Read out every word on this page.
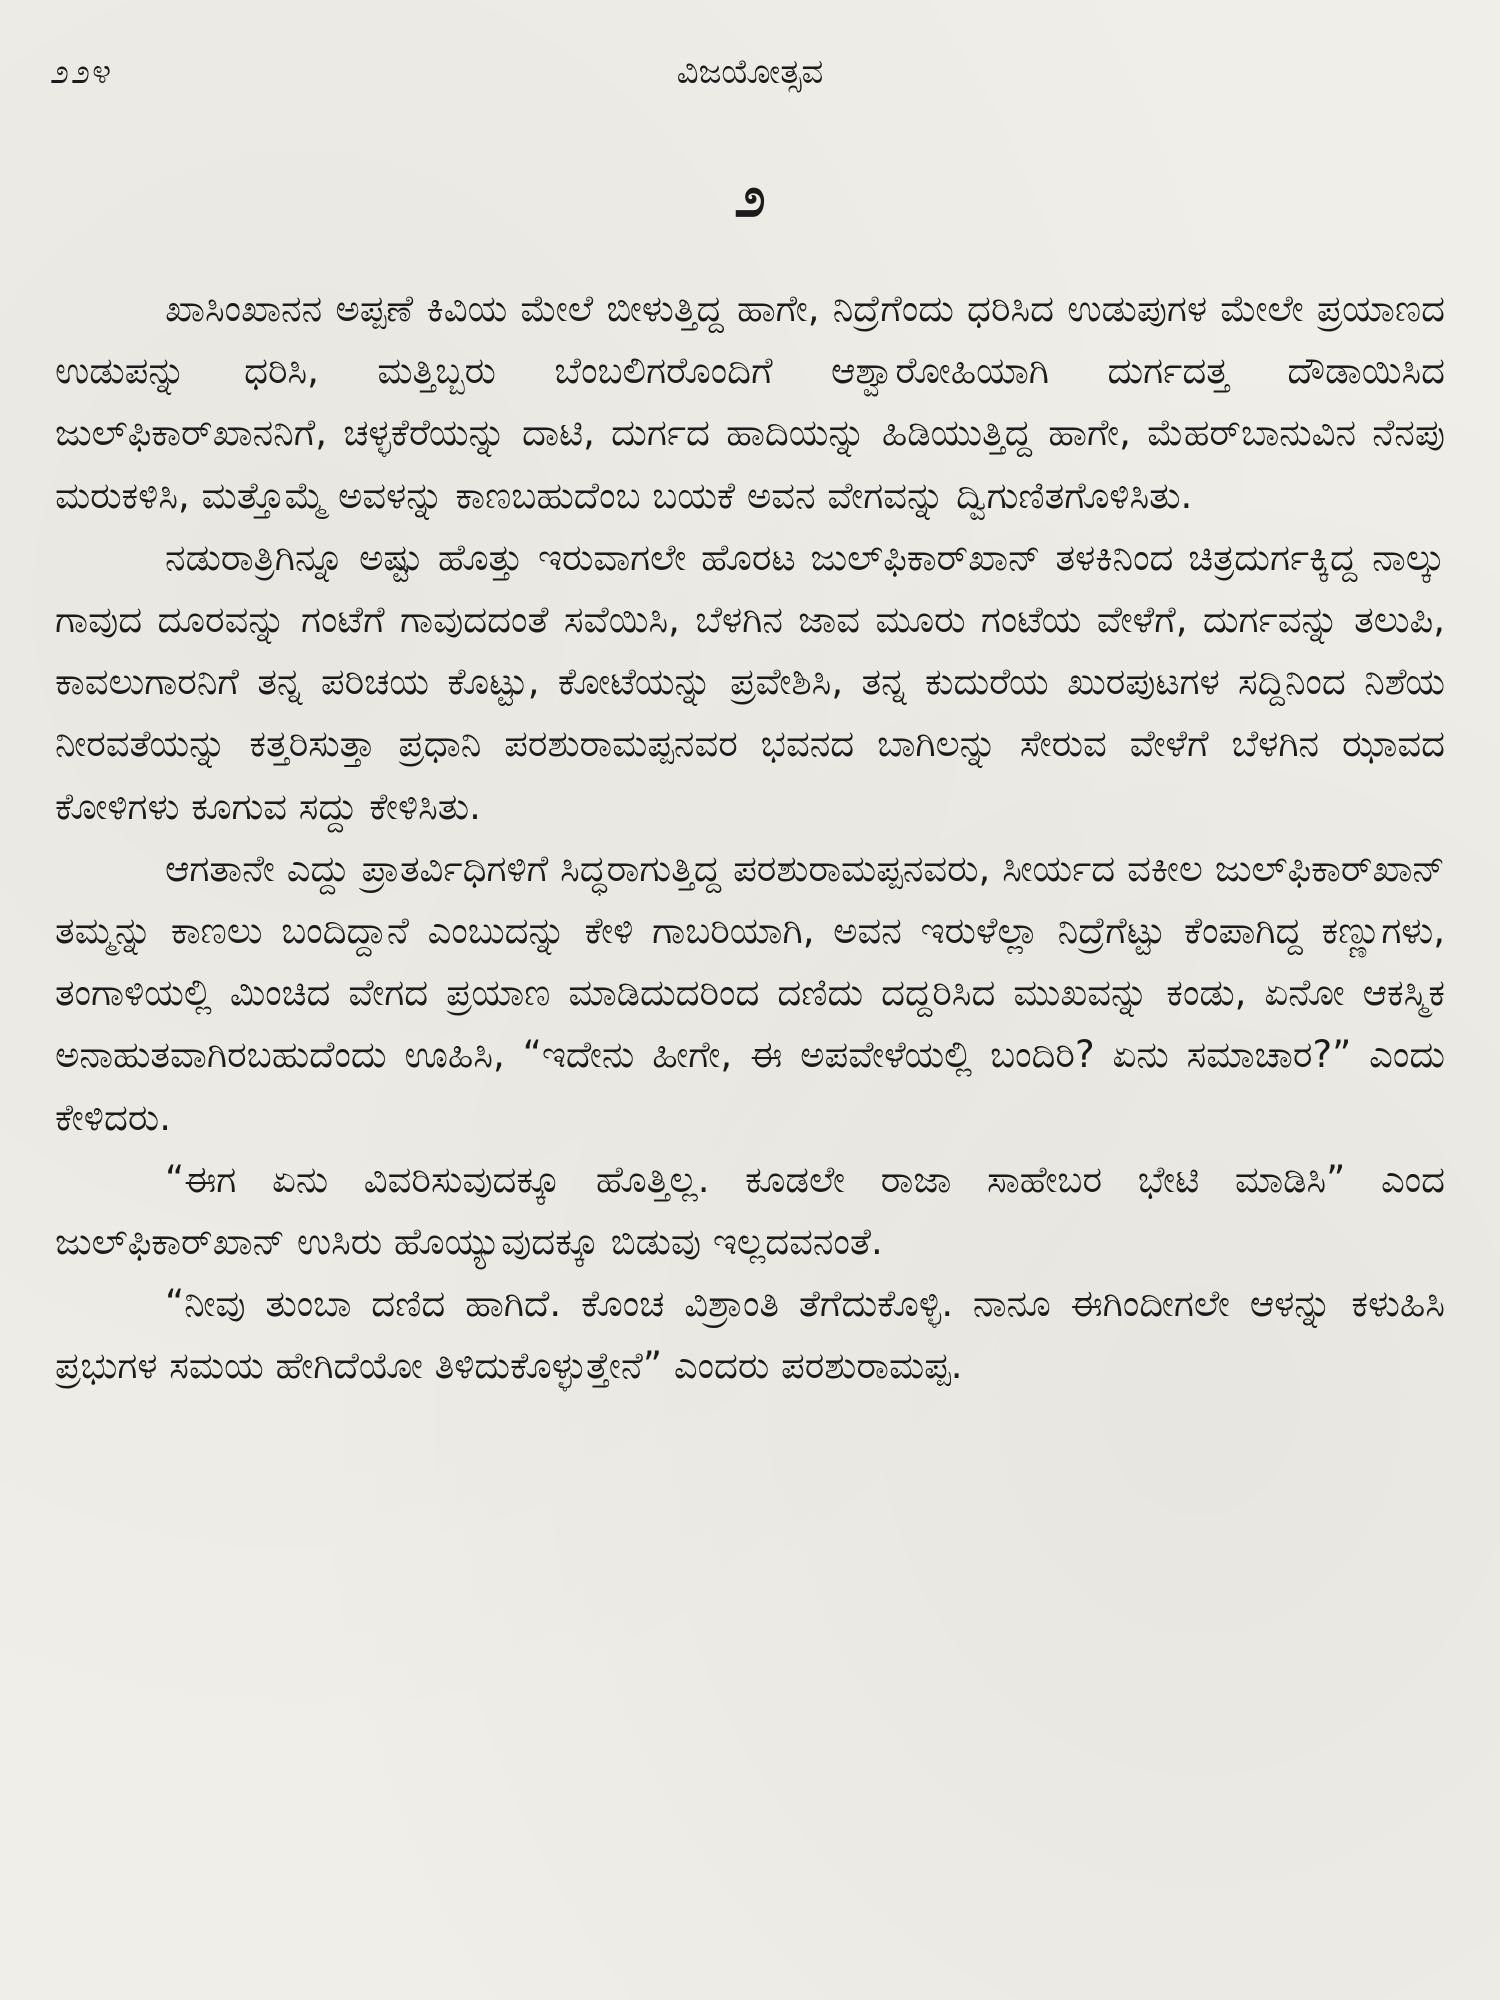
ವಿಜಯೋತ್ಸವ
೨೨೪
೨

ಖಾಸಿಂಖಾನನ ಅಪ್ಪಣೆ ಕಿವಿಯ ಮೇಲೆ ಬೀಳುತ್ತಿದ್ದ ಹಾಗೇ, ನಿದ್ರೆಗೆಂದು ಧರಿಸಿದ ಉಡುಪುಗಳ ಮೇಲೇ ಪ್ರಯಾಣದ ಉಡುಪನ್ನು ಧರಿಸಿ, ಮತ್ತಿಬ್ಬರು ಬೆಂಬಲಿಗರೊಂದಿಗೆ ಆಶ್ವಾರೋಹಿಯಾಗಿ ದುರ್ಗದತ್ತ ದೌಡಾಯಿಸಿದ ಜುಲ್‌ಫಿಕಾರ್‌ಖಾನನಿಗೆ, ಚಳ್ಳಕೆರೆಯನ್ನು ದಾಟಿ, ದುರ್ಗದ ಹಾದಿಯನ್ನು ಹಿಡಿಯುತ್ತಿದ್ದ ಹಾಗೇ, ಮೆಹರ್‌ಬಾನುವಿನ ನೆನಪು ಮರುಕಳಿಸಿ, ಮತ್ತೊಮ್ಮೆ ಅವಳನ್ನು ಕಾಣಬಹುದೆಂಬ ಬಯಕೆ ಅವನ ವೇಗವನ್ನು ದ್ವಿಗುಣಿತಗೊಳಿಸಿತು.

ನಡುರಾತ್ರಿಗಿನ್ನೂ ಅಷ್ಟು ಹೊತ್ತು ಇರುವಾಗಲೇ ಹೊರಟ ಜುಲ್‌ಫಿಕಾರ್‌ಖಾನ್ ತಳಕಿನಿಂದ ಚಿತ್ರದುರ್ಗಕ್ಕಿದ್ದ ನಾಲ್ಕು ಗಾವುದ ದೂರವನ್ನು ಗಂಟೆಗೆ ಗಾವುದದಂತೆ ಸವೆಯಿಸಿ, ಬೆಳಗಿನ ಜಾವ ಮೂರು ಗಂಟೆಯ ವೇಳೆಗೆ, ದುರ್ಗವನ್ನು ತಲುಪಿ, ಕಾವಲುಗಾರನಿಗೆ ತನ್ನ ಪರಿಚಯ ಕೊಟ್ಟು, ಕೋಟೆಯನ್ನು ಪ್ರವೇಶಿಸಿ, ತನ್ನ ಕುದುರೆಯ ಖುರಪುಟಗಳ ಸದ್ದಿನಿಂದ ನಿಶೆಯ ನೀರವತೆಯನ್ನು ಕತ್ತರಿಸುತ್ತಾ ಪ್ರಧಾನಿ ಪರಶುರಾಮಪ್ಪನವರ ಭವನದ ಬಾಗಿಲನ್ನು ಸೇರುವ ವೇಳೆಗೆ ಬೆಳಗಿನ ಝಾವದ ಕೋಳಿಗಳು ಕೂಗುವ ಸದ್ದು ಕೇಳಿಸಿತು.

ಆಗತಾನೇ ಎದ್ದು ಪ್ರಾತರ್ವಿಧಿಗಳಿಗೆ ಸಿದ್ಧರಾಗುತ್ತಿದ್ದ ಪರಶುರಾಮಪ್ಪನವರು, ಸೀರ್ಯದ ವಕೀಲ ಜುಲ್‌ಫಿಕಾರ್‌ಖಾನ್ ತಮ್ಮನ್ನು ಕಾಣಲು ಬಂದಿದ್ದಾನೆ ಎಂಬುದನ್ನು ಕೇಳಿ ಗಾಬರಿಯಾಗಿ, ಅವನ ಇರುಳೆಲ್ಲಾ ನಿದ್ರೆಗೆಟ್ಟು ಕೆಂಪಾಗಿದ್ದ ಕಣ್ಣುಗಳು, ತಂಗಾಳಿಯಲ್ಲಿ ಮಿಂಚಿದ ವೇಗದ ಪ್ರಯಾಣ ಮಾಡಿದುದರಿಂದ ದಣಿದು ದದ್ದರಿಸಿದ ಮುಖವನ್ನು ಕಂಡು, ಏನೋ ಆಕಸ್ಮಿಕ ಅನಾಹುತವಾಗಿರಬಹುದೆಂದು ಊಹಿಸಿ, “ಇದೇನು ಹೀಗೇ, ಈ ಅಪವೇಳೆಯಲ್ಲಿ ಬಂದಿರಿ? ಏನು ಸಮಾಚಾರ?” ಎಂದು ಕೇಳಿದರು.

“ಈಗ ಏನು ವಿವರಿಸುವುದಕ್ಕೂ ಹೊತ್ತಿಲ್ಲ. ಕೂಡಲೇ ರಾಜಾ ಸಾಹೇಬರ ಭೇಟಿ ಮಾಡಿಸಿ” ಎಂದ ಜುಲ್‌ಫಿಕಾರ್‌ಖಾನ್ ಉಸಿರು ಹೊಯ್ಯುವುದಕ್ಕೂ ಬಿಡುವು ಇಲ್ಲದವನಂತೆ.

“ನೀವು ತುಂಬಾ ದಣಿದ ಹಾಗಿದೆ. ಕೊಂಚ ವಿಶ್ರಾಂತಿ ತೆಗೆದುಕೊಳ್ಳಿ. ನಾನೂ ಈಗಿಂದೀಗಲೇ ಆಳನ್ನು ಕಳುಹಿಸಿ ಪ್ರಭುಗಳ ಸಮಯ ಹೇಗಿದೆಯೋ ತಿಳಿದುಕೊಳ್ಳುತ್ತೇನೆ” ಎಂದರು ಪರಶುರಾಮಪ್ಪ.
